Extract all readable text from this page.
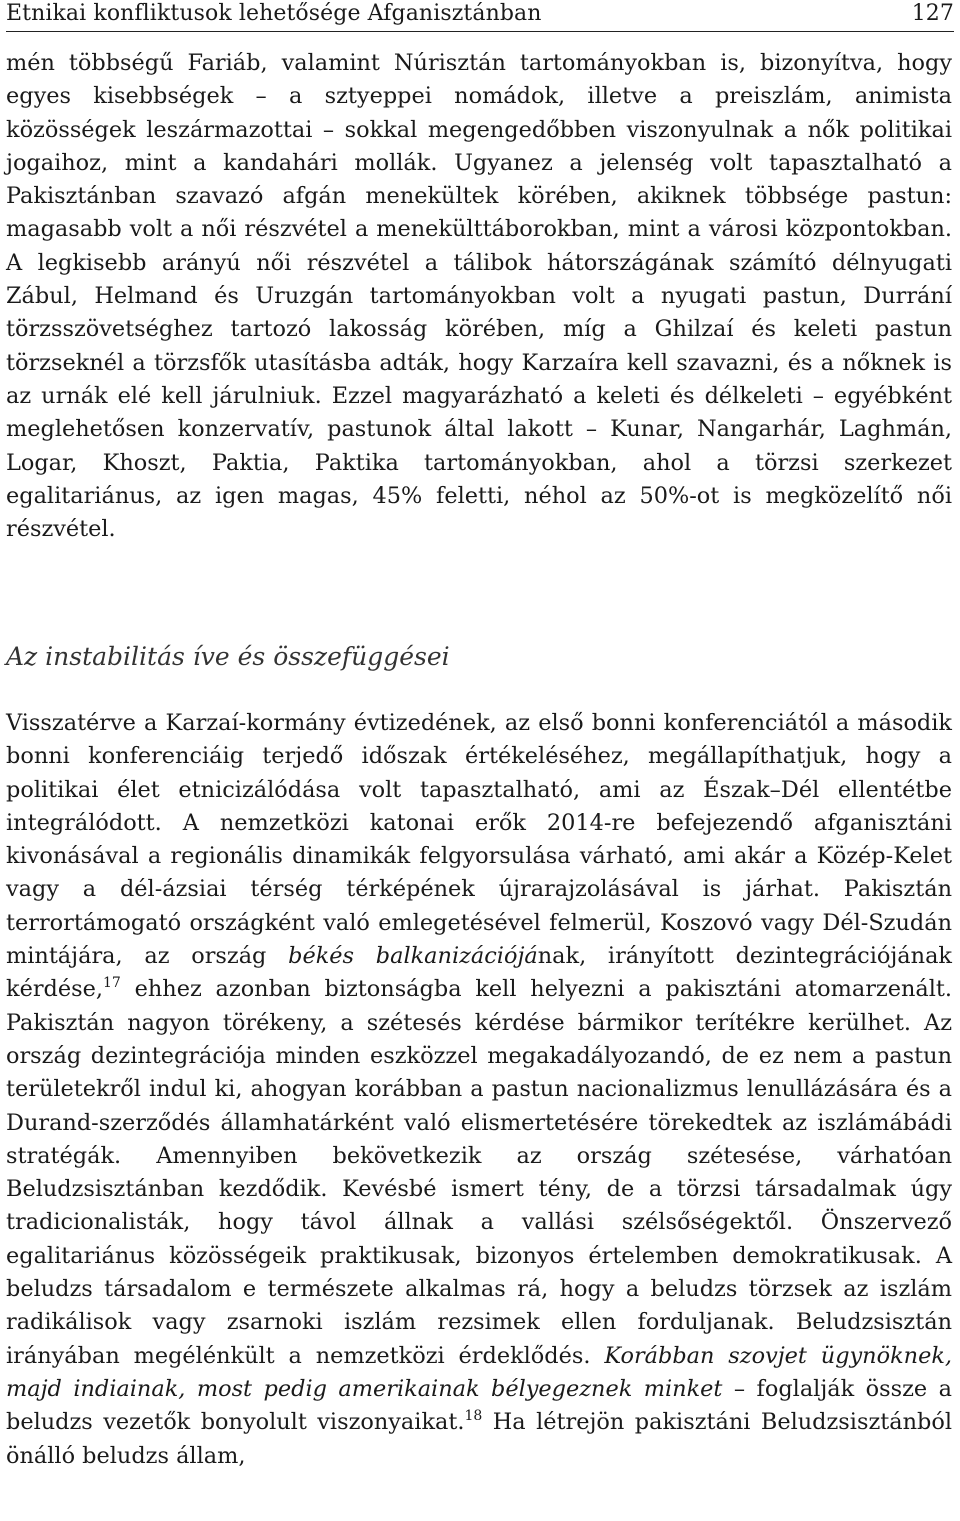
Etnikai konfliktusok lehetősége Afganisztánban	127

mén többségű Fariáb, valamint Núrisztán tartományokban is, bizonyítva, hogy egyes kisebbségek – a sztyeppei nomádok, illetve a preiszlám, animista közösségek leszármazottai – sokkal megengedőbben viszonyulnak a nők politikai jogaihoz, mint a kandahári mollák. Ugyanez a jelenség volt tapasztalható a Pakisztánban szavazó afgán menekültek körében, akiknek többsége pastun: magasabb volt a női részvétel a menekülttáborokban, mint a városi központokban. A legkisebb arányú női részvétel a tálibok hátországának számító délnyugati Zábul, Helmand és Uruzgán tartományokban volt a nyugati pastun, Durrání törzsszövetséghez tartozó lakosság körében, míg a Ghilzaí és keleti pastun törzseknél a törzsfők utasításba adták, hogy Karzaíra kell szavazni, és a nőknek is az urnák elé kell járulniuk. Ezzel magyarázható a keleti és délkeleti – egyébként meglehetősen konzervatív, pastunok által lakott – Kunar, Nangarhár, Laghmán, Logar, Khoszt, Paktia, Paktika tartományokban, ahol a törzsi szerkezet egalitariánus, az igen magas, 45% feletti, néhol az 50%-ot is megközelítő női részvétel.

Az instabilitás íve és összefüggései

Visszatérve a Karzaí-kormány évtizedének, az első bonni konferenciától a második bonni konferenciáig terjedő időszak értékeléséhez, megállapíthatjuk, hogy a politikai élet etnicizálódása volt tapasztalható, ami az Észak–Dél ellentétbe integrálódott. A nemzetközi katonai erők 2014-re befejezendő afganisztáni kivonásával a regionális dinamikák felgyorsulása várható, ami akár a Közép-Kelet vagy a dél-ázsiai térség térképének újrarajzolásával is járhat. Pakisztán terrortámogató országként való emlegetésével felmerül, Koszovó vagy Dél-Szudán mintájára, az ország békés balkanizációjának, irányított dezintegrációjának kérdése,$^{17}$ ehhez azonban biztonságba kell helyezni a pakisztáni atomarzenált. Pakisztán nagyon törékeny, a szétesés kérdése bármikor terítékre kerülhet. Az ország dezintegrációja minden eszközzel megakadályozandó, de ez nem a pastun területekről indul ki, ahogyan korábban a pastun nacionalizmus lenullázására és a Durand-szerződés államhatárként való elismertetésére törekedtek az iszlámábádi stratégák. Amennyiben bekövetkezik az ország szétesése, várhatóan Beludzsisztánban kezdődik. Kevésbé ismert tény, de a törzsi társadalmak úgy tradicionalisták, hogy távol állnak a vallási szélsőségektől. Önszervező egalitariánus közösségeik praktikusak, bizonyos értelemben demokratikusak. A beludzs társadalom e természete alkalmas rá, hogy a beludzs törzsek az iszlám radikálisok vagy zsarnoki iszlám rezsimek ellen forduljanak. Beludzsisztán irányában megélénkült a nemzetközi érdeklődés. Korábban szovjet ügynöknek, majd indiainak, most pedig amerikainak bélyegeznek minket – foglalják össze a beludzs vezetők bonyolult viszonyaikat.$^{18}$ Ha létrejön pakisztáni Beludzsisztánból önálló beludzs állam,
